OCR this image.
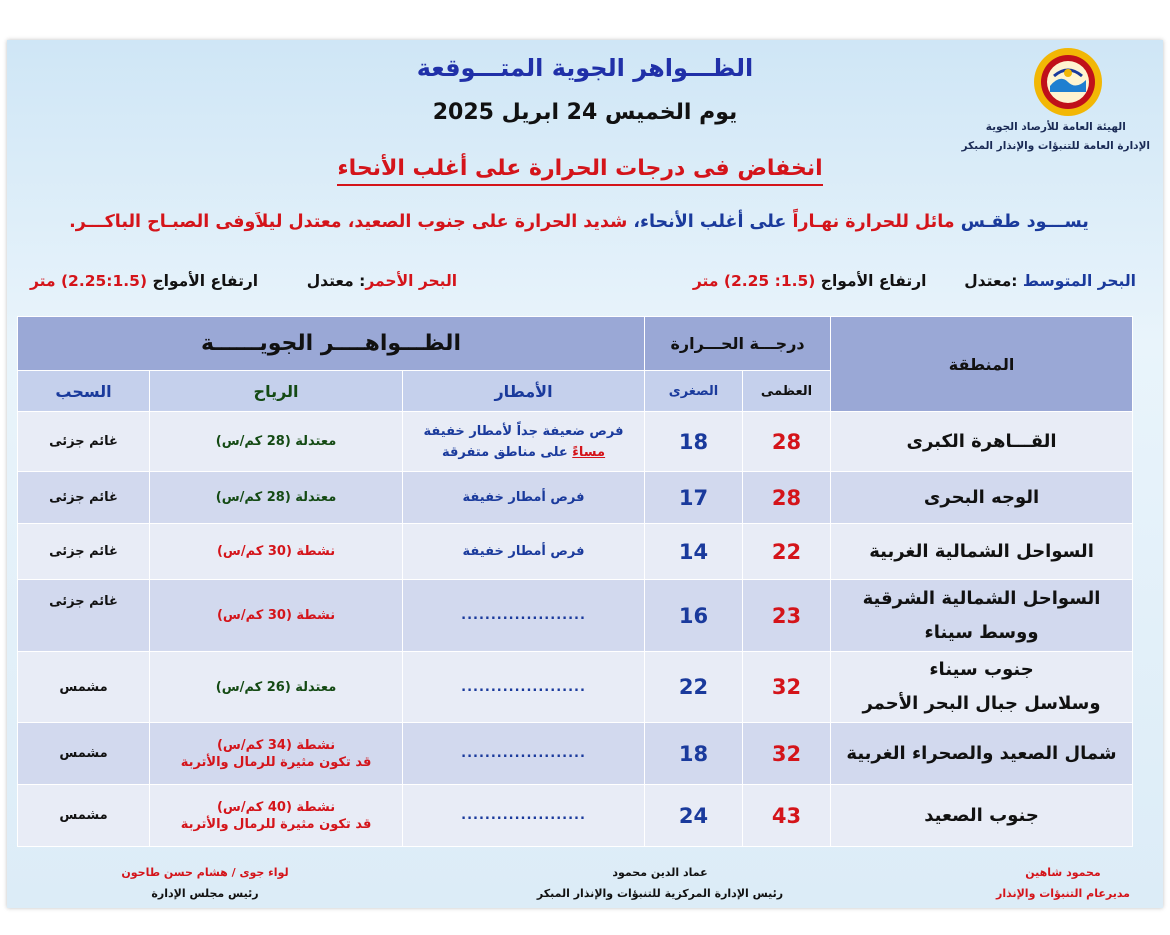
الهيئة العامة للأرصاد الجوية
الإدارة العامة للتنبؤات والإنذار المبكر
الظـــواهر الجوية المتـــوقعة
يوم الخميس 24 ابريل 2025
انخفاض فى درجات الحرارة على أغلب الأنحاء
يســـود طقـس مائل للحرارة نهـاراً على أغلب الأنحاء، شديد الحرارة على جنوب الصعيد، معتدل ليلاَوفى الصبـاح الباكـــر.
البحر المتوسط :معتدل       ارتفاع الأمواج (1.5: 2.25) متر
البحر الأحمر: معتدل         ارتفاع الأمواج (2.25:1.5) متر
المنطقة	درجـــة الحـــرارة		الظـــواهــــر الجويــــــة		
	العظمى	الصغرى	الأمطار	الرياح	السحب

القـــاهرة الكبرى	28	18	فرص ضعيفة جداً لأمطار خفيفة
مساءً على مناطق متفرقة	معتدلة (28 كم/س)	غائم جزئى

الوجه البحرى	28	17	فرص أمطار خفيفة	معتدلة (28 كم/س)	غائم جزئى

السواحل الشمالية الغربية	22	14	فرص أمطار خفيفة	نشطة (30 كم/س)	غائم جزئى

السواحل الشمالية الشرقية
ووسط سيناء	23	16	.....................	نشطة (30 كم/س)	غائم جزئى

جنوب سيناء
وسلاسل جبال البحر الأحمر	32	22	.....................	معتدلة (26 كم/س)	مشمس

شمال الصعيد والصحراء الغربية	32	18	.....................	نشطة (34 كم/س)
قد تكون مثيرة للرمال والأتربة	مشمس

جنوب الصعيد	43	24	.....................	نشطة (40 كم/س)
قد تكون مثيرة للرمال والأتربة	مشمس
محمود شاهين
مديرعام التنبؤات والإنذار
عماد الدين محمود
رئيس الإدارة المركزية للتنبؤات والإنذار المبكر
لواء جوى / هشام حسن طاحون
رئيس مجلس الإدارة
